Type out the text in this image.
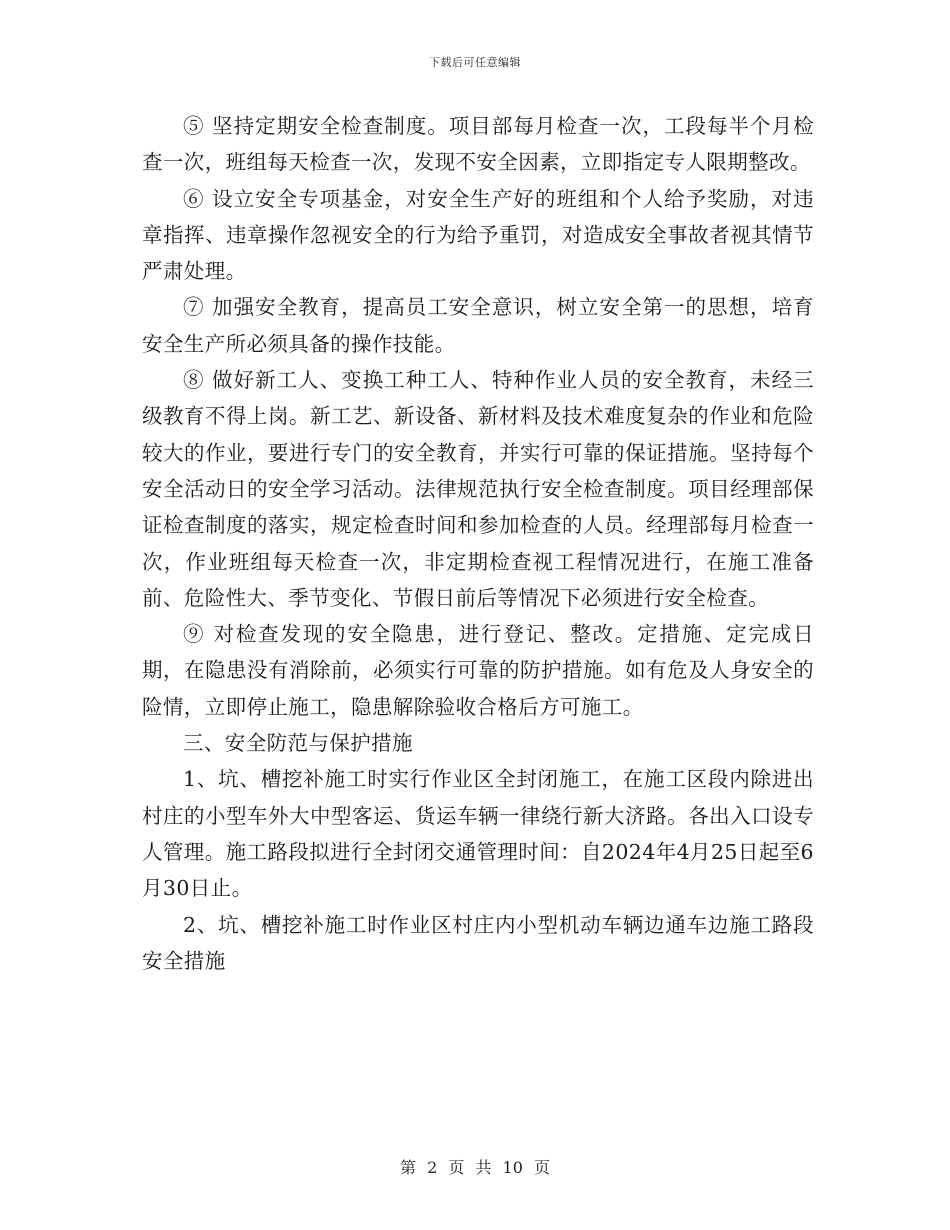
下载后可任意编辑

⑤ 坚持定期安全检查制度。项目部每月检查一次，工段每半个月检查一次，班组每天检查一次，发现不安全因素，立即指定专人限期整改。

⑥ 设立安全专项基金，对安全生产好的班组和个人给予奖励，对违章指挥、违章操作忽视安全的行为给予重罚，对造成安全事故者视其情节严肃处理。

⑦ 加强安全教育，提高员工安全意识，树立安全第一的思想，培育安全生产所必须具备的操作技能。

⑧ 做好新工人、变换工种工人、特种作业人员的安全教育，未经三级教育不得上岗。新工艺、新设备、新材料及技术难度复杂的作业和危险较大的作业，要进行专门的安全教育，并实行可靠的保证措施。坚持每个安全活动日的安全学习活动。法律规范执行安全检查制度。项目经理部保证检查制度的落实，规定检查时间和参加检查的人员。经理部每月检查一次，作业班组每天检查一次，非定期检查视工程情况进行，在施工准备前、危险性大、季节变化、节假日前后等情况下必须进行安全检查。

⑨ 对检查发现的安全隐患，进行登记、整改。定措施、定完成日期，在隐患没有消除前，必须实行可靠的防护措施。如有危及人身安全的险情，立即停止施工，隐患解除验收合格后方可施工。

三、安全防范与保护措施

1、坑、槽挖补施工时实行作业区全封闭施工，在施工区段内除进出村庄的小型车外大中型客运、货运车辆一律绕行新大济路。各出入口设专人管理。施工路段拟进行全封闭交通管理时间：自2024年4月25日起至6月30日止。

2、坑、槽挖补施工时作业区村庄内小型机动车辆边通车边施工路段安全措施

第 2 页 共 10 页
